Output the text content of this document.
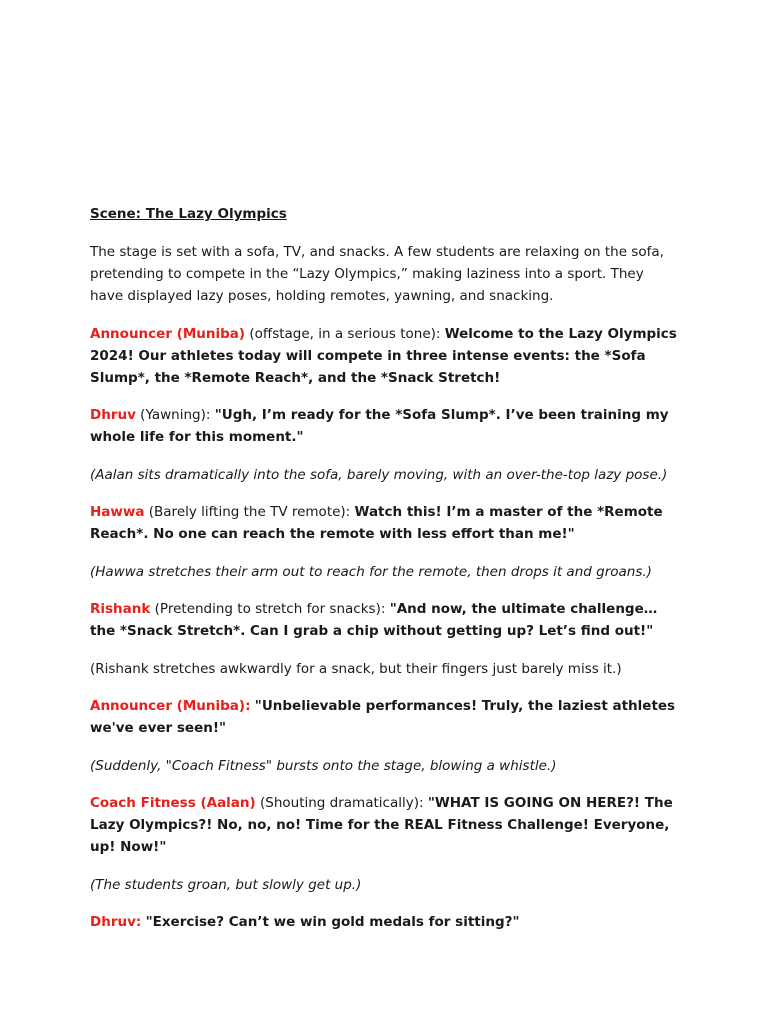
Scene: The Lazy Olympics

The stage is set with a sofa, TV, and snacks. A few students are relaxing on the sofa, pretending to compete in the “Lazy Olympics,” making laziness into a sport. They have displayed lazy poses, holding remotes, yawning, and snacking.

Announcer (Muniba) (offstage, in a serious tone): Welcome to the Lazy Olympics 2024! Our athletes today will compete in three intense events: the *Sofa Slump*, the *Remote Reach*, and the *Snack Stretch!

Dhruv (Yawning): "Ugh, I’m ready for the *Sofa Slump*. I’ve been training my whole life for this moment."

(Aalan sits dramatically into the sofa, barely moving, with an over-the-top lazy pose.)

Hawwa (Barely lifting the TV remote): Watch this! I’m a master of the *Remote Reach*. No one can reach the remote with less effort than me!"

(Hawwa stretches their arm out to reach for the remote, then drops it and groans.)

Rishank (Pretending to stretch for snacks): "And now, the ultimate challenge… the *Snack Stretch*. Can I grab a chip without getting up? Let’s find out!"

(Rishank stretches awkwardly for a snack, but their fingers just barely miss it.)

Announcer (Muniba): "Unbelievable performances! Truly, the laziest athletes we've ever seen!"

(Suddenly, "Coach Fitness" bursts onto the stage, blowing a whistle.)

Coach Fitness (Aalan) (Shouting dramatically): "WHAT IS GOING ON HERE?! The Lazy Olympics?! No, no, no! Time for the REAL Fitness Challenge! Everyone, up! Now!"

(The students groan, but slowly get up.)

Dhruv: "Exercise? Can’t we win gold medals for sitting?"
